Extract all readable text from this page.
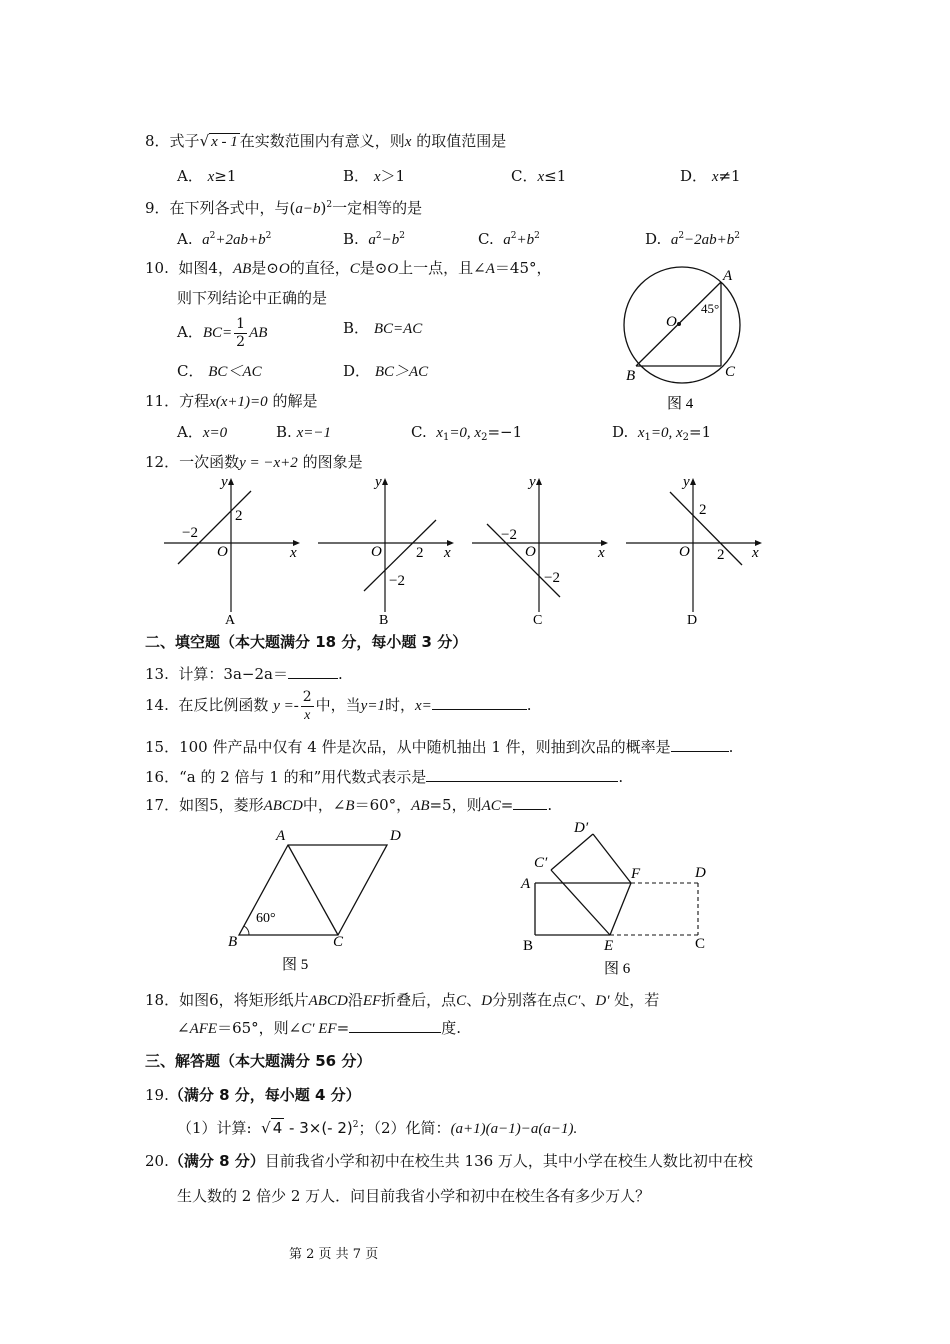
8．式子√ x - 1 在实数范围内有意义，则x 的取值范围是
A． x≥1	B． x＞1	C．x≤1	D． x≠1
9．在下列各式中，与$(a-b)^2$一定相等的是
A. $a^2+2ab+b^2$	B. $a^2-b^2$	C. $a^2+b^2$	D. $a^2-2ab+b^2$
10. 如图4，AB是⊙O的直径，C是⊙O上一点，且∠A＝45°，
则下列结论中正确的是
A．$BC= \frac{1}{2}$ AB	B． BC=AC
C． BC＜AC	D． BC＞AC
A
B	C
O
45°
图 4
11．方程x(x+1)=0 的解是
A．x=0	B. x=−1	C. $x_1=0$, $x_2=-1$	D. $x_1=0$, $x_2=1$
12．一次函数y = −x+2 的图象是
y
x
O
−2
2
A
y
x
O 2
−2
B
y
x
O
−2
−2
C
y
x
O
2
2
D
二、填空题（本大题满分 18 分，每小题 3 分）
13. 计算：3a−2a＝	.
14. 在反比例函数 $y =- \frac{2}{x}$ 中，当y=1时，x=	.
15．100 件产品中仅有 4 件是次品，从中随机抽出 1 件，则抽到次品的概率是	.
16．“a 的 2 倍与 1 的和”用代数式表示是	.
17．如图5，菱形ABCD中，∠B＝60°，AB=5，则AC= .
A	D
B	C
60°
图 5
D′
C′
A
F	D
B	E	C
图 6
18．如图6，将矩形纸片ABCD沿EF折叠后，点C、D分别落在点C′、D′ 处，若
∠AFE＝65°，则∠C′ EF=	度.
三、解答题（本大题满分 56 分）
19.（满分 8 分，每小题 4 分）
（1）计算: √ 4 - 3×(- 2)$^2$；（2）化简：(a+1)(a−1)−a(a−1).
20.（满分 8 分）目前我省小学和初中在校生共 136 万人，其中小学在校生人数比初中在校
生人数的 2 倍少 2 万人．问目前我省小学和初中在校生各有多少万人？
第 2 页 共 7 页
